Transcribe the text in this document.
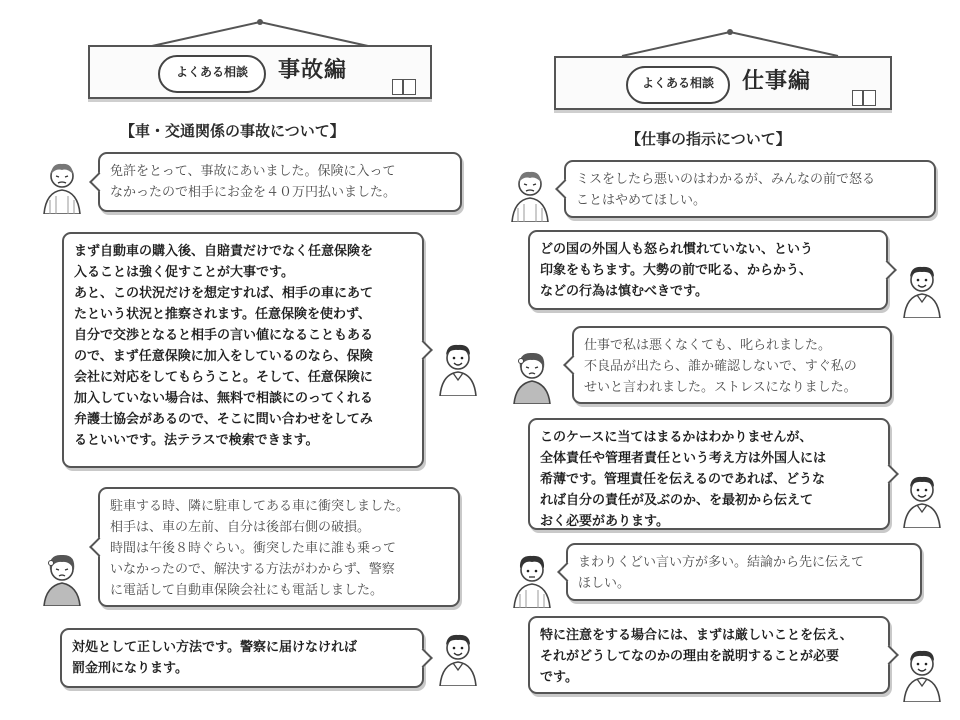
よくある相談	事故編
【車・交通関係の事故について】

免許をとって、事故にあいました。保険に入って
なかったので相手にお金を４０万円払いました。

まず自動車の購入後、自賠責だけでなく任意保険を
入ることは強く促すことが大事です。
あと、この状況だけを想定すれば、相手の車にあて
たという状況と推察されます。任意保険を使わず、
自分で交渉となると相手の言い値になることもある
ので、まず任意保険に加入をしているのなら、保険
会社に対応をしてもらうこと。そして、任意保険に
加入していない場合は、無料で相談にのってくれる
弁護士協会があるので、そこに問い合わせをしてみ
るといいです。法テラスで検索できます。

駐車する時、隣に駐車してある車に衝突しました。
相手は、車の左前、自分は後部右側の破損。
時間は午後８時ぐらい。衝突した車に誰も乗って
いなかったので、解決する方法がわからず、警察
に電話して自動車保険会社にも電話しました。

対処として正しい方法です。警察に届けなければ
罰金刑になります。

よくある相談	仕事編
【仕事の指示について】

ミスをしたら悪いのはわかるが、みんなの前で怒る
ことはやめてほしい。

どの国の外国人も怒られ慣れていない、という
印象をもちます。大勢の前で叱る、からかう、
などの行為は慎むべきです。

仕事で私は悪くなくても、叱られました。
不良品が出たら、誰か確認しないで、すぐ私の
せいと言われました。ストレスになりました。

このケースに当てはまるかはわかりませんが、
全体責任や管理者責任という考え方は外国人には
希薄です。管理責任を伝えるのであれば、どうな
れば自分の責任が及ぶのか、を最初から伝えて
おく必要があります。

まわりくどい言い方が多い。結論から先に伝えて
ほしい。

特に注意をする場合には、まずは厳しいことを伝え、
それがどうしてなのかの理由を説明することが必要
です。
